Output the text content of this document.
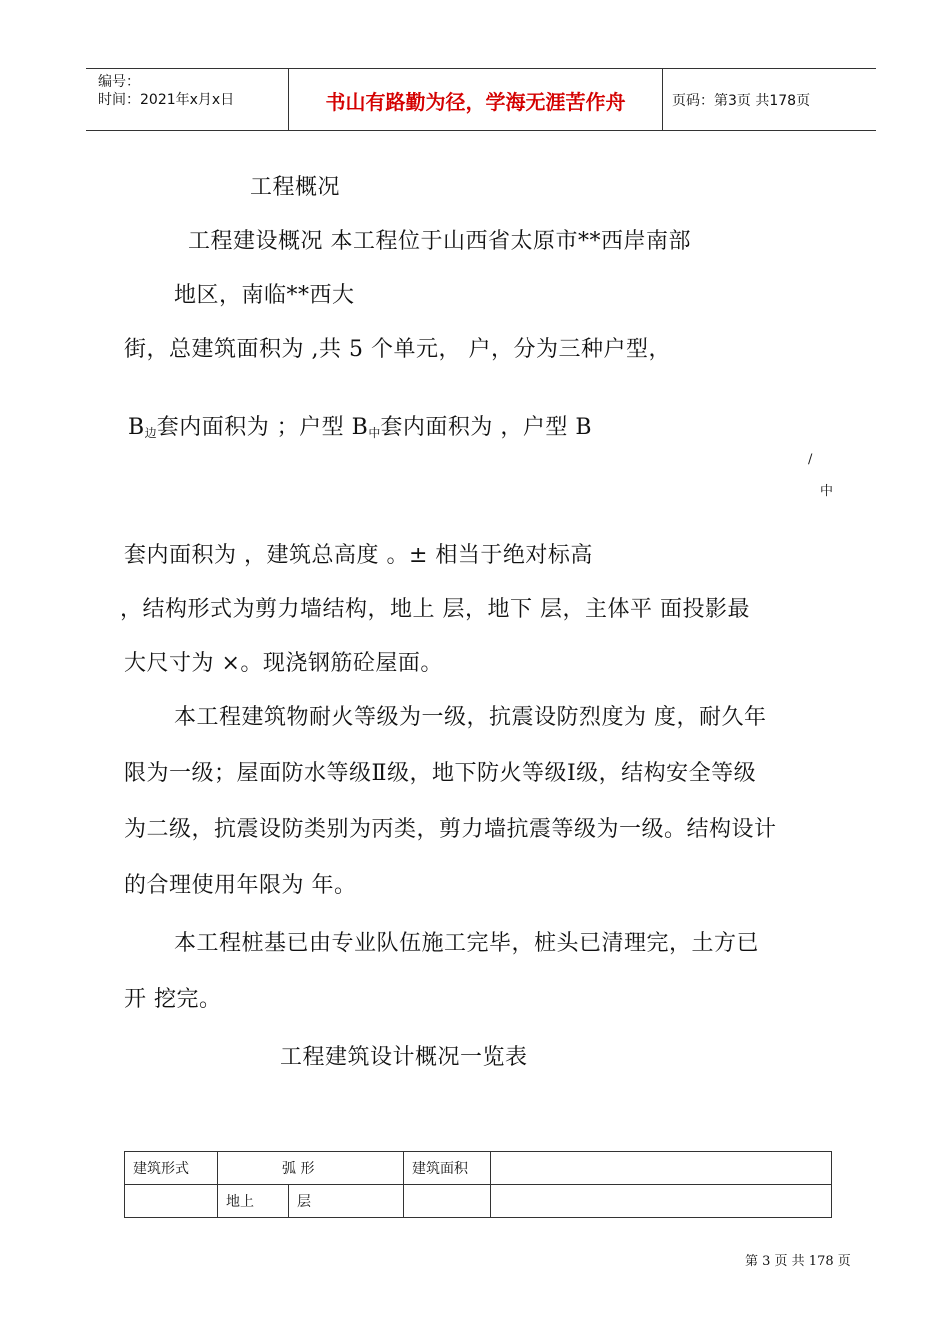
编号：
时间：2021年x月x日	书山有路勤为径，学海无涯苦作舟	页码：第3页 共178页
工程概况
工程建设概况 本工程位于山西省太原市**西岸南部
地区，南临**西大
街，总建筑面积为 ,共 5 个单元， 户，分为三种户型，
B边套内面积为 ；户型 B中套内面积为 ，户型 B
/
中
套内面积为 ，建筑总高度 。± 相当于绝对标高
，结构形式为剪力墙结构，地上 层，地下 层，主体平 面投影最
大尺寸为 ×。现浇钢筋砼屋面。
本工程建筑物耐火等级为一级，抗震设防烈度为 度，耐久年
限为一级；屋面防水等级Ⅱ级，地下防火等级Ⅰ级，结构安全等级
为二级，抗震设防类别为丙类，剪力墙抗震等级为一级。结构设计
的合理使用年限为 年。
本工程桩基已由专业队伍施工完毕，桩头已清理完，土方已
开 挖完。
工程建筑设计概况一览表
建筑形式	弧 形		建筑面积	
	地上	层		
第 3 页 共 178 页
